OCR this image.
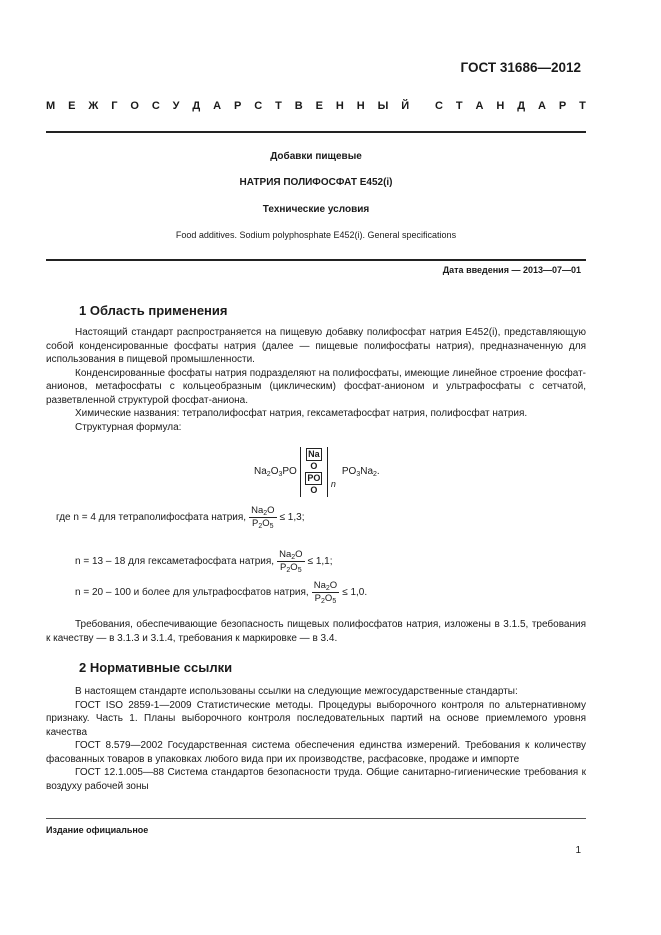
ГОСТ 31686—2012
М Е Ж Г О С У Д А Р С Т В Е Н Н Ы Й С Т А Н Д А Р Т
Добавки пищевые
НАТРИЯ ПОЛИФОСФАТ Е452(i)
Технические условия
Food additives. Sodium polyphosphate E452(i). General specifications
Дата введения — 2013—07—01
1 Область применения

Настоящий стандарт распространяется на пищевую добавку полифосфат натрия Е452(i), представляющую собой конденсированные фосфаты натрия (далее — пищевые полифосфаты натрия), предназначенную для использования в пищевой промышленности.

Конденсированные фосфаты натрия подразделяют на полифосфаты, имеющие линейное строение фосфат-анионов, метафосфаты с кольцеобразным (циклическим) фосфат-анионом и ультрафосфаты с сетчатой, разветвленной структурой фосфат-аниона.

Химические названия: тетраполифосфат натрия, гексаметафосфат натрия, полифосфат натрия.

Структурная формула:

$Na_2O_3PO$
Na
O
PO
O
n
$PO_3Na_2$.
где n = 4 для тетраполифосфата натрия, $\frac{Na_2O}{P_2O_5} \le 1,3$;
n = 13 – 18 для гексаметафосфата натрия, $\frac{Na_2O}{P_2O_5} \le 1,1$;
n = 20 – 100 и более для ультрафосфатов натрия, $\frac{Na_2O}{P_2O_5} \le 1,0$.

Требования, обеспечивающие безопасность пищевых полифосфатов натрия, изложены в 3.1.5, требования к качеству — в 3.1.3 и 3.1.4, требования к маркировке — в 3.4.

2 Нормативные ссылки

В настоящем стандарте использованы ссылки на следующие межгосударственные стандарты:

ГОСТ ISO 2859-1—2009 Статистические методы. Процедуры выборочного контроля по альтернативному признаку. Часть 1. Планы выборочного контроля последовательных партий на основе приемлемого уровня качества

ГОСТ 8.579—2002 Государственная система обеспечения единства измерений. Требования к количеству фасованных товаров в упаковках любого вида при их производстве, расфасовке, продаже и импорте

ГОСТ 12.1.005—88 Система стандартов безопасности труда. Общие санитарно-гигиенические требования к воздуху рабочей зоны

Издание официальное
1
